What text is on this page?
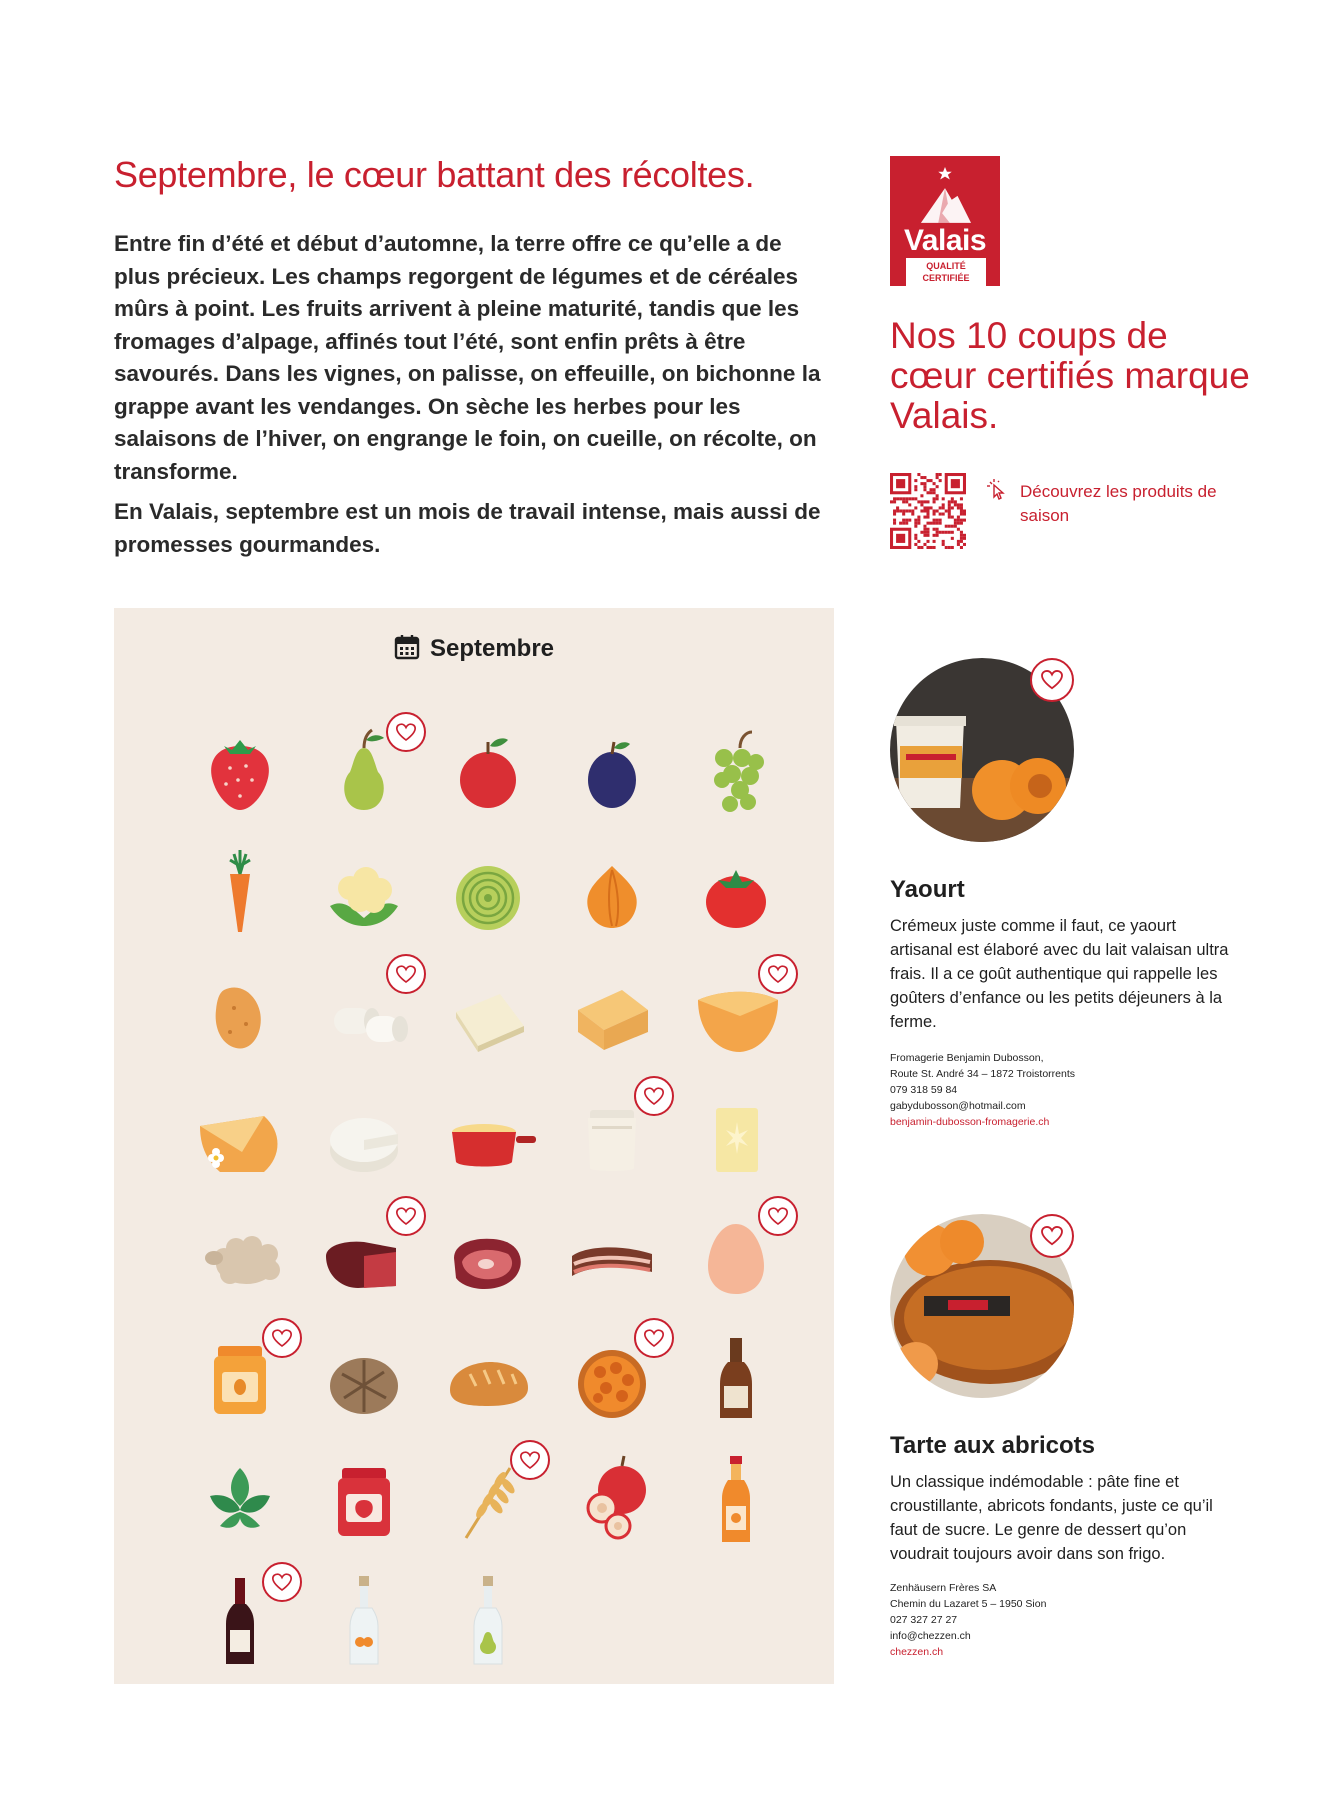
Septembre, le cœur battant des récoltes.

Entre fin d’été et début d’automne, la terre offre ce qu’elle a de plus précieux. Les champs regorgent de légumes et de céréales mûrs à point. Les fruits arrivent à pleine maturité, tandis que les fromages d’alpage, affinés tout l’été, sont enfin prêts à être savourés. Dans les vignes, on palisse, on effeuille, on bichonne la grappe avant les vendanges. On sèche les herbes pour les salaisons de l’hiver, on engrange le foin, on cueille, on récolte, on transforme.

En Valais, septembre est un mois de travail intense, mais aussi de promesses gourmandes.

Valais
QUALITÉ
CERTIFIÉE
Nos 10 coups de cœur certifiés marque Valais.
Découvrez les produits de saison
Septembre
Yaourt
Crémeux juste comme il faut, ce yaourt artisanal est élaboré avec du lait valaisan ultra frais. Il a ce goût authentique qui rappelle les goûters d’enfance ou les petits déjeuners à la ferme.
Fromagerie Benjamin Dubosson,
Route St. André 34 – 1872 Troistorrents
079 318 59 84
gabydubosson@hotmail.com
benjamin-dubosson-fromagerie.ch
Tarte aux abricots
Un classique indémodable : pâte fine et croustillante, abricots fondants, juste ce qu’il faut de sucre. Le genre de dessert qu’on voudrait toujours avoir dans son frigo.
Zenhäusern Frères SA
Chemin du Lazaret 5 – 1950 Sion
027 327 27 27
info@chezzen.ch
chezzen.ch
